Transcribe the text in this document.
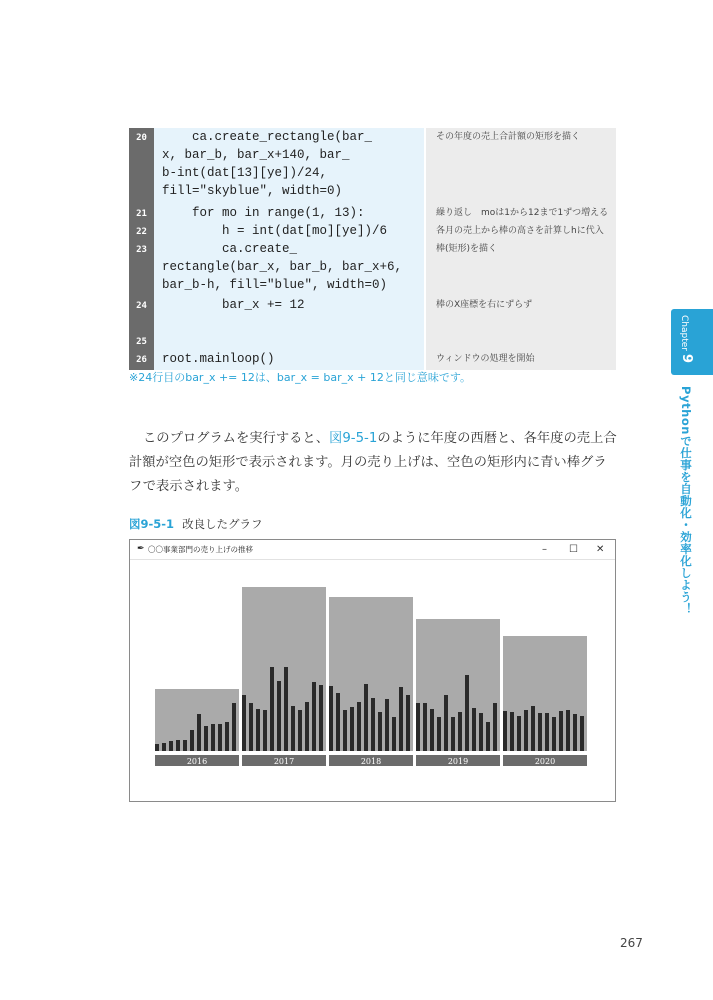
20	ca.create_rectangle(bar_
x, bar_b, bar_x+140, bar_
b-int(dat[13][ye])/24,
fill="skyblue", width=0)	その年度の売上合計額の矩形を描く
21	for mo in range(1, 13):	繰り返し　moは1から12まで1ずつ増える
22	h = int(dat[mo][ye])/6	各月の売上から棒の高さを計算しhに代入
23	ca.create_
rectangle(bar_x, bar_b, bar_x+6,
bar_b-h, fill="blue", width=0)	棒(矩形)を描く
24	bar_x += 12	棒のX座標を右にずらず
25		
26	root.mainloop()	ウィンドウの処理を開始
※24行目のbar_x += 12は、bar_x = bar_x + 12と同じ意味です。
このプログラムを実行すると、図9-5-1のように年度の西暦と、各年度の売上合計額が空色の矩形で表示されます。月の売り上げは、空色の矩形内に青い棒グラフで表示されます。
図9-5-1 改良したグラフ
✒ 〇〇事業部門の売り上げの推移	– ☐ ✕
2016	2017	2018	2019	2020
Chapter
9
Pythonで仕事を自動化・効率化しよう！
267
